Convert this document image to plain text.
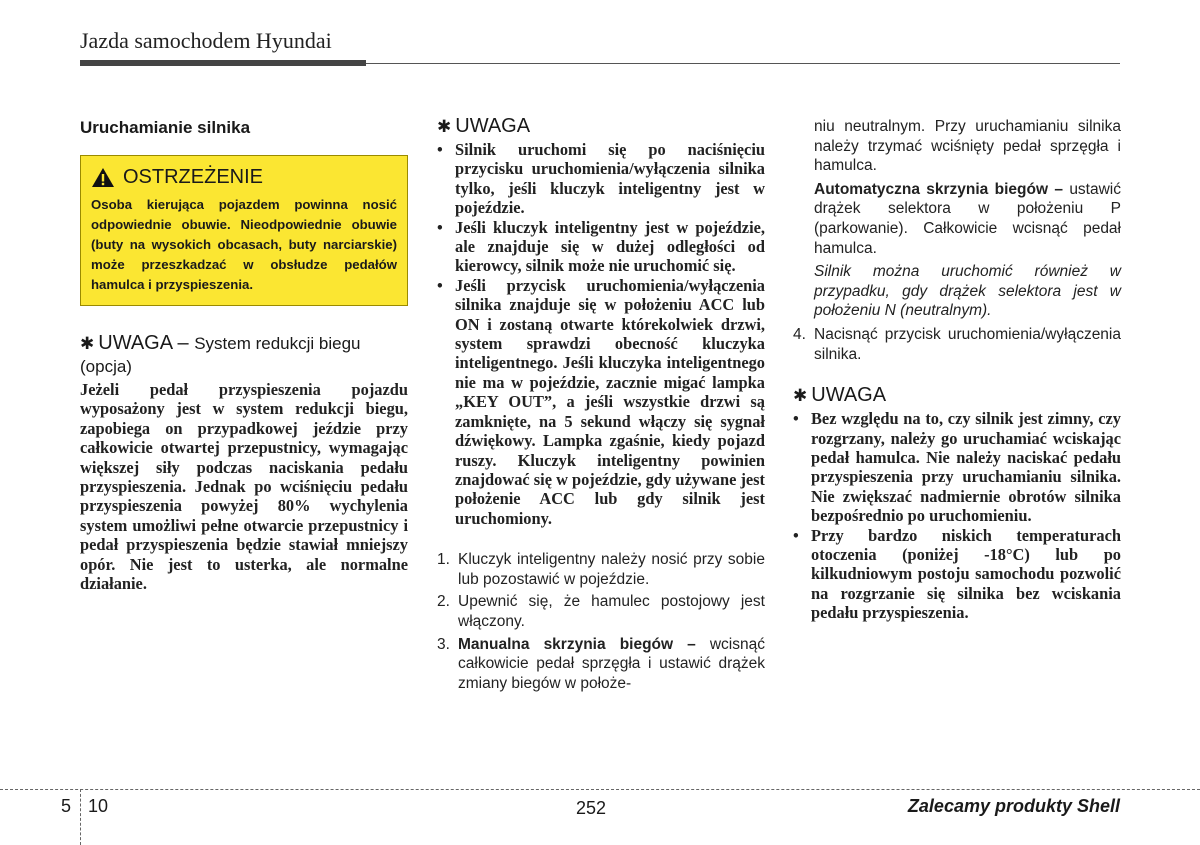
Jazda samochodem Hyundai
Uruchamianie silnika
OSTRZEŻENIE
Osoba kierująca pojazdem powinna nosić odpowiednie obuwie. Nieodpowiednie obuwie (buty na wysokich obcasach, buty narciarskie) może przeszkadzać w obsłudze pedałów hamulca i przyspieszenia.
✱ UWAGA – System redukcji biegu (opcja)
Jeżeli pedał przyspieszenia pojazdu wyposażony jest w system redukcji biegu, zapobiega on przypadkowej jeździe przy całkowicie otwartej przepustnicy, wymagając większej siły podczas naciskania pedału przyspieszenia. Jednak po wciśnięciu pedału przyspieszenia powyżej 80% wychylenia system umożliwi pełne otwarcie przepustnicy i pedał przyspieszenia będzie stawiał mniejszy opór. Nie jest to usterka, ale normalne działanie.
✱ UWAGA
• Silnik uruchomi się po naciśnięciu przycisku uruchomienia/wyłączenia silnika tylko, jeśli kluczyk inteligentny jest w pojeździe.
• Jeśli kluczyk inteligentny jest w pojeździe, ale znajduje się w dużej odległości od kierowcy, silnik może nie uruchomić się.
• Jeśli przycisk uruchomienia/wyłączenia silnika znajduje się w położeniu ACC lub ON i zostaną otwarte którekolwiek drzwi, system sprawdzi obecność kluczyka inteligentnego. Jeśli kluczyka inteligentnego nie ma w pojeździe, zacznie migać lampka „KEY OUT”, a jeśli wszystkie drzwi są zamknięte, na 5 sekund włączy się sygnał dźwiękowy. Lampka zgaśnie, kiedy pojazd ruszy. Kluczyk inteligentny powinien znajdować się w pojeździe, gdy używane jest położenie ACC lub gdy silnik jest uruchomiony.
1. Kluczyk inteligentny należy nosić przy sobie lub pozostawić w pojeździe.
2. Upewnić się, że hamulec postojowy jest włączony.
3. Manualna skrzynia biegów – wcisnąć całkowicie pedał sprzęgła i ustawić drążek zmiany biegów w położe-
niu neutralnym. Przy uruchamianiu silnika należy trzymać wciśnięty pedał sprzęgła i hamulca.
Automatyczna skrzynia biegów – ustawić drążek selektora w położeniu P (parkowanie). Całkowicie wcisnąć pedał hamulca.
Silnik można uruchomić również w przypadku, gdy drążek selektora jest w położeniu N (neutralnym).
4. Nacisnąć przycisk uruchomienia/wyłączenia silnika.
✱ UWAGA
• Bez względu na to, czy silnik jest zimny, czy rozgrzany, należy go uruchamiać wciskając pedał hamulca. Nie należy naciskać pedału przyspieszenia przy uruchamianiu silnika. Nie zwiększać nadmiernie obrotów silnika bezpośrednio po uruchomieniu.
• Przy bardzo niskich temperaturach otoczenia (poniżej -18°C) lub po kilkudniowym postoju samochodu pozwolić na rozgrzanie się silnika bez wciskania pedału przyspieszenia.
5 10	252	Zalecamy produkty Shell
